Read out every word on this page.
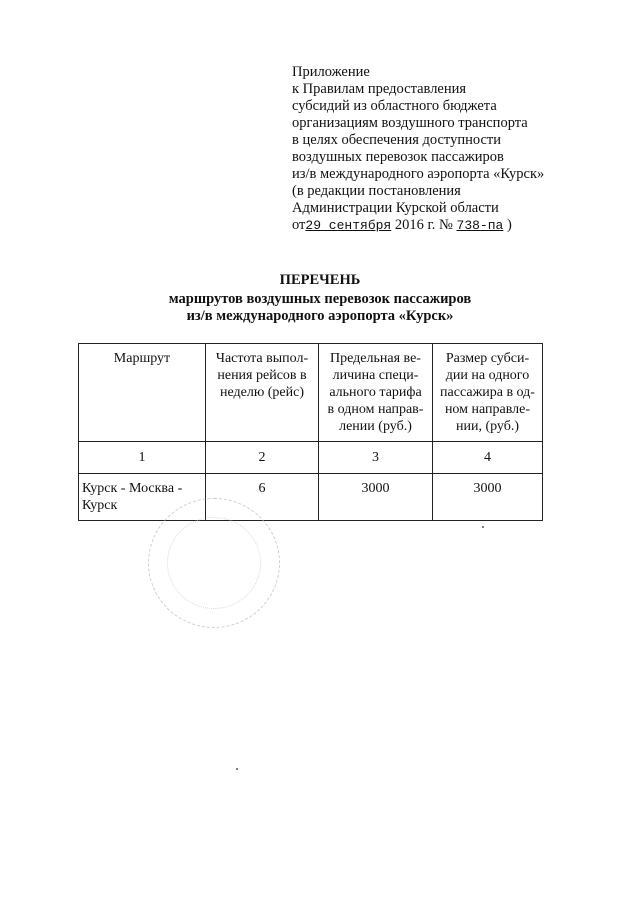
Приложение
к Правилам предоставления
субсидий из областного бюджета
организациям воздушного транспорта
в целях обеспечения доступности
воздушных перевозок пассажиров
из/в международного аэропорта «Курск»
(в редакции постановления
Администрации Курской области
от29 сентября 2016 г. № 738-па )
ПЕРЕЧЕНЬ
маршрутов воздушных перевозок пассажиров
из/в международного аэропорта «Курск»
Маршрут	Частота выпол-нения рейсов в неделю (рейс)	Предельная ве-личина специ-ального тарифа в одном направ-лении (руб.)	Размер субси-дии на одного пассажира в од-ном направле-нии, (руб.)
1	2	3	4
Курск - Москва - Курск	6	3000	3000
